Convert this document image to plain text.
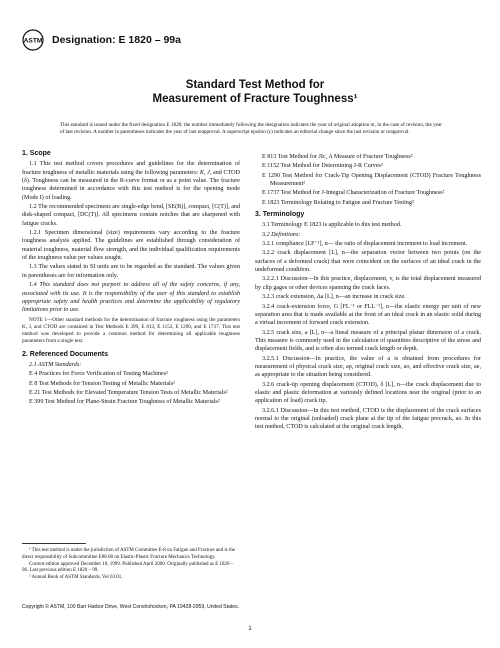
ASTM Designation: E 1820 – 99a
Standard Test Method for
Measurement of Fracture Toughness¹
This standard is issued under the fixed designation E 1820; the number immediately following the designation indicates the year of original adoption or, in the case of revision, the year of last revision. A number in parentheses indicates the year of last reapproval. A superscript epsilon (ε) indicates an editorial change since the last revision or reapproval.
1. Scope

1.1 This test method covers procedures and guidelines for the determination of fracture toughness of metallic materials using the following parameters: K, J, and CTOD (δ). Toughness can be measured in the R-curve format or as a point value. The fracture toughness determined in accordance with this test method is for the opening mode (Mode I) of loading.

1.2 The recommended specimens are single-edge bend, [SE(B)], compact, [C(T)], and disk-shaped compact, [DC(T)]. All specimens contain notches that are sharpened with fatigue cracks.

1.2.1 Specimen dimensional (size) requirements vary according to the fracture toughness analysis applied. The guidelines are established through consideration of material toughness, material flow strength, and the individual qualification requirements of the toughness value per values sought.

1.3 The values stated in SI units are to be regarded as the standard. The values given in parentheses are for information only.

1.4 This standard does not purport to address all of the safety concerns, if any, associated with its use. It is the responsibility of the user of this standard to establish appropriate safety and health practices and determine the applicability of regulatory limitations prior to use.

NOTE 1—Other standard methods for the determination of fracture toughness using the parameters K, J, and CTOD are contained in Test Methods E 399, E 813, E 1152, E 1290, and E 1737. This test method was developed to provide a common method for determining all applicable toughness parameters from a single test.

2. Referenced Documents

2.1 ASTM Standards:

E 4 Practices for Force Verification of Testing Machines²

E 8 Test Methods for Tension Testing of Metallic Materials²

E 21 Test Methods for Elevated Temperature Tension Tests of Metallic Materials²

E 399 Test Method for Plane-Strain Fracture Toughness of Metallic Materials²

E 813 Test Method for JIc, A Measure of Fracture Toughness²

E 1152 Test Method for Determining J-R Curves²

E 1290 Test Method for Crack-Tip Opening Displacement (CTOD) Fracture Toughness Measurement²

E 1737 Test Method for J-Integral Characterization of Fracture Toughness²

E 1823 Terminology Relating to Fatigue and Fracture Testing²

3. Terminology

3.1 Terminology E 1823 is applicable to this test method.

3.2 Definitions:

3.2.1 compliance [LF⁻¹], n— the ratio of displacement increment to load increment.

3.2.2 crack displacement [L], n—the separation vector between two points (on the surfaces of a deformed crack) that were coincident on the surfaces of an ideal crack in the undeformed condition.

3.2.2.1 Discussion—In this practice, displacement, v, is the total displacement measured by clip gages or other devices spanning the crack faces.

3.2.3 crack extension, Δa [L], n—an increase in crack size.

3.2.4 crack-extension force, G [FL⁻¹ or FLL⁻²], n—the elastic energy per unit of new separation area that is made available at the front of an ideal crack in an elastic solid during a virtual increment of forward crack extension.

3.2.5 crack size, a [L], n—a lineal measure of a principal planar dimension of a crack. This measure is commonly used in the calculation of quantities descriptive of the stress and displacement fields, and is often also termed crack length or depth.

3.2.5.1 Discussion—In practice, the value of a is obtained from procedures for measurement of physical crack size, ap, original crack size, ao, and effective crack size, ae, as appropriate to the situation being considered.

3.2.6 crack-tip opening displacement (CTOD), δ [L], n—the crack displacement due to elastic and plastic deformation at variously defined locations near the original (prior to an application of load) crack tip.

3.2.6.1 Discussion—In this test method, CTOD is the displacement of the crack surfaces normal to the original (unloaded) crack plane at the tip of the fatigue precrack, ao. In this test method, CTOD is calculated at the original crack length,

¹ This test method is under the jurisdiction of ASTM Committee E-8 on Fatigue and Fracture and is the direct responsibility of Subcommittee E08.08 on Elastic-Plastic Fracture Mechanics Technology.

Current edition approved December 10, 1999. Published April 2000. Originally published as E 1820 – 96. Last previous edition E 1820 – 99.

² Annual Book of ASTM Standards, Vol 03.01.

Copyright © ASTM, 100 Barr Harbor Drive, West Conshohocken, PA 19428-2959, United States.
1
